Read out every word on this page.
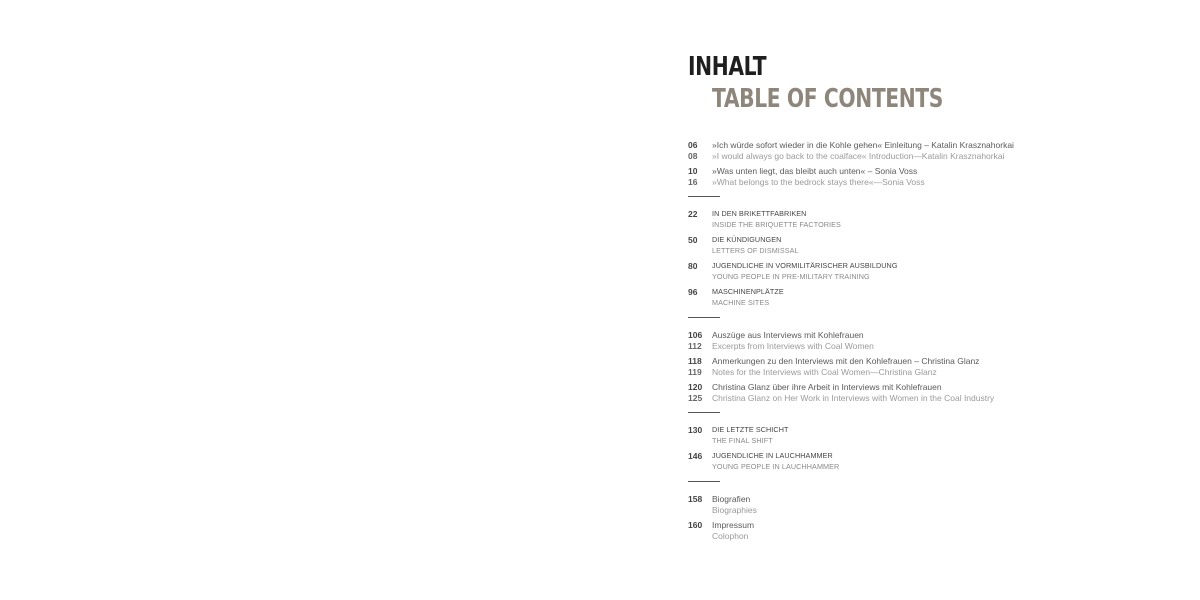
INHALT
TABLE OF CONTENTS
06	»Ich würde sofort wieder in die Kohle gehen« Einleitung – Katalin Krasznahorkai
08	»I would always go back to the coalface« Introduction—Katalin Krasznahorkai
10	»Was unten liegt, das bleibt auch unten« – Sonia Voss
16	»What belongs to the bedrock stays there«—Sonia Voss
22	IN DEN BRIKETTFABRIKEN
INSIDE THE BRIQUETTE FACTORIES
50	DIE KÜNDIGUNGEN
LETTERS OF DISMISSAL
80	JUGENDLICHE IN VORMILITÄRISCHER AUSBILDUNG
YOUNG PEOPLE IN PRE-MILITARY TRAINING
96	MASCHINENPLÄTZE
MACHINE SITES
106	Auszüge aus Interviews mit Kohlefrauen
112	Excerpts from Interviews with Coal Women
118	Anmerkungen zu den Interviews mit den Kohlefrauen – Christina Glanz
119	Notes for the Interviews with Coal Women—Christina Glanz
120	Christina Glanz über ihre Arbeit in Interviews mit Kohlefrauen
125	Christina Glanz on Her Work in Interviews with Women in the Coal Industry
130	DIE LETZTE SCHICHT
THE FINAL SHIFT
146	JUGENDLICHE IN LAUCHHAMMER
YOUNG PEOPLE IN LAUCHHAMMER
158	Biografien
Biographies
160	Impressum
Colophon
